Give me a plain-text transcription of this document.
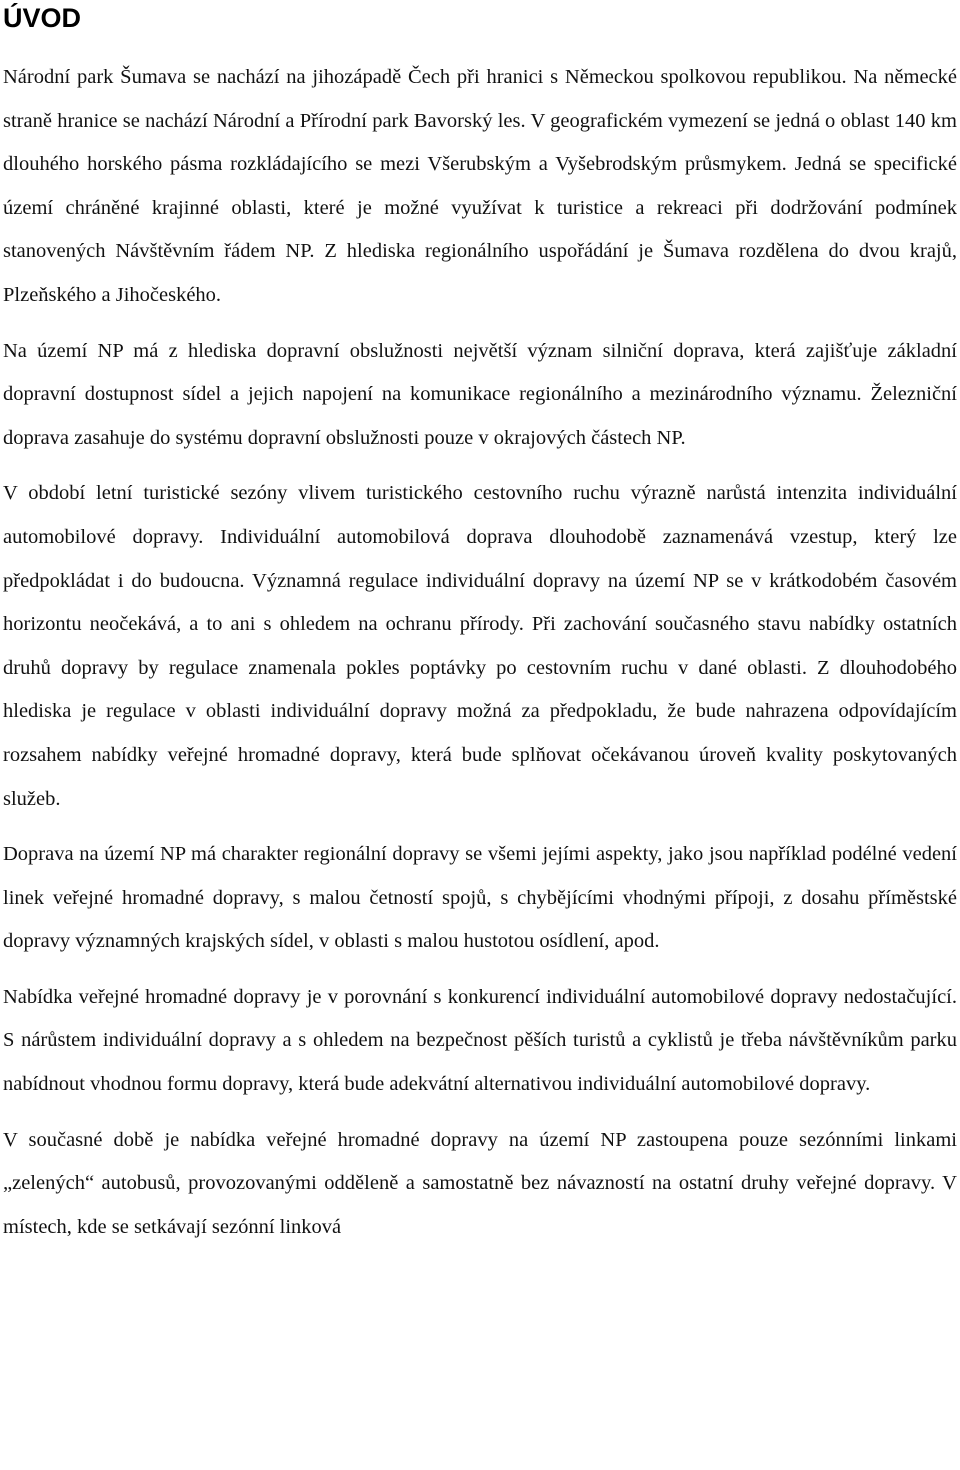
ÚVOD

Národní park Šumava se nachází na jihozápadě Čech při hranici s Německou spolkovou republikou. Na německé straně hranice se nachází Národní a Přírodní park Bavorský les. V geografickém vymezení se jedná o oblast 140 km dlouhého horského pásma rozkládajícího se mezi Všerubským a Vyšebrodským průsmykem. Jedná se specifické území chráněné krajinné oblasti, které je možné využívat k turistice a rekreaci při dodržování podmínek stanovených Návštěvním řádem NP. Z hlediska regionálního uspořádání je Šumava rozdělena do dvou krajů, Plzeňského a Jihočeského.

Na území NP má z hlediska dopravní obslužnosti největší význam silniční doprava, která zajišťuje základní dopravní dostupnost sídel a jejich napojení na komunikace regionálního a mezinárodního významu. Železniční doprava zasahuje do systému dopravní obslužnosti pouze v okrajových částech NP.

V období letní turistické sezóny vlivem turistického cestovního ruchu výrazně narůstá intenzita individuální automobilové dopravy. Individuální automobilová doprava dlouhodobě zaznamenává vzestup, který lze předpokládat i do budoucna. Významná regulace individuální dopravy na území NP se v krátkodobém časovém horizontu neočekává, a to ani s ohledem na ochranu přírody. Při zachování současného stavu nabídky ostatních druhů dopravy by regulace znamenala pokles poptávky po cestovním ruchu v dané oblasti. Z dlouhodobého hlediska je regulace v oblasti individuální dopravy možná za předpokladu, že bude nahrazena odpovídajícím rozsahem nabídky veřejné hromadné dopravy, která bude splňovat očekávanou úroveň kvality poskytovaných služeb.

Doprava na území NP má charakter regionální dopravy se všemi jejími aspekty, jako jsou například podélné vedení linek veřejné hromadné dopravy, s malou četností spojů, s chybějícími vhodnými přípoji, z dosahu příměstské dopravy významných krajských sídel, v oblasti s malou hustotou osídlení, apod.

Nabídka veřejné hromadné dopravy je v porovnání s konkurencí individuální automobilové dopravy nedostačující. S nárůstem individuální dopravy a s ohledem na bezpečnost pěších turistů a cyklistů je třeba návštěvníkům parku nabídnout vhodnou formu dopravy, která bude adekvátní alternativou individuální automobilové dopravy.

V současné době je nabídka veřejné hromadné dopravy na území NP zastoupena pouze sezónními linkami „zelených“ autobusů, provozovanými odděleně a samostatně bez návazností na ostatní druhy veřejné dopravy. V místech, kde se setkávají sezónní linková
